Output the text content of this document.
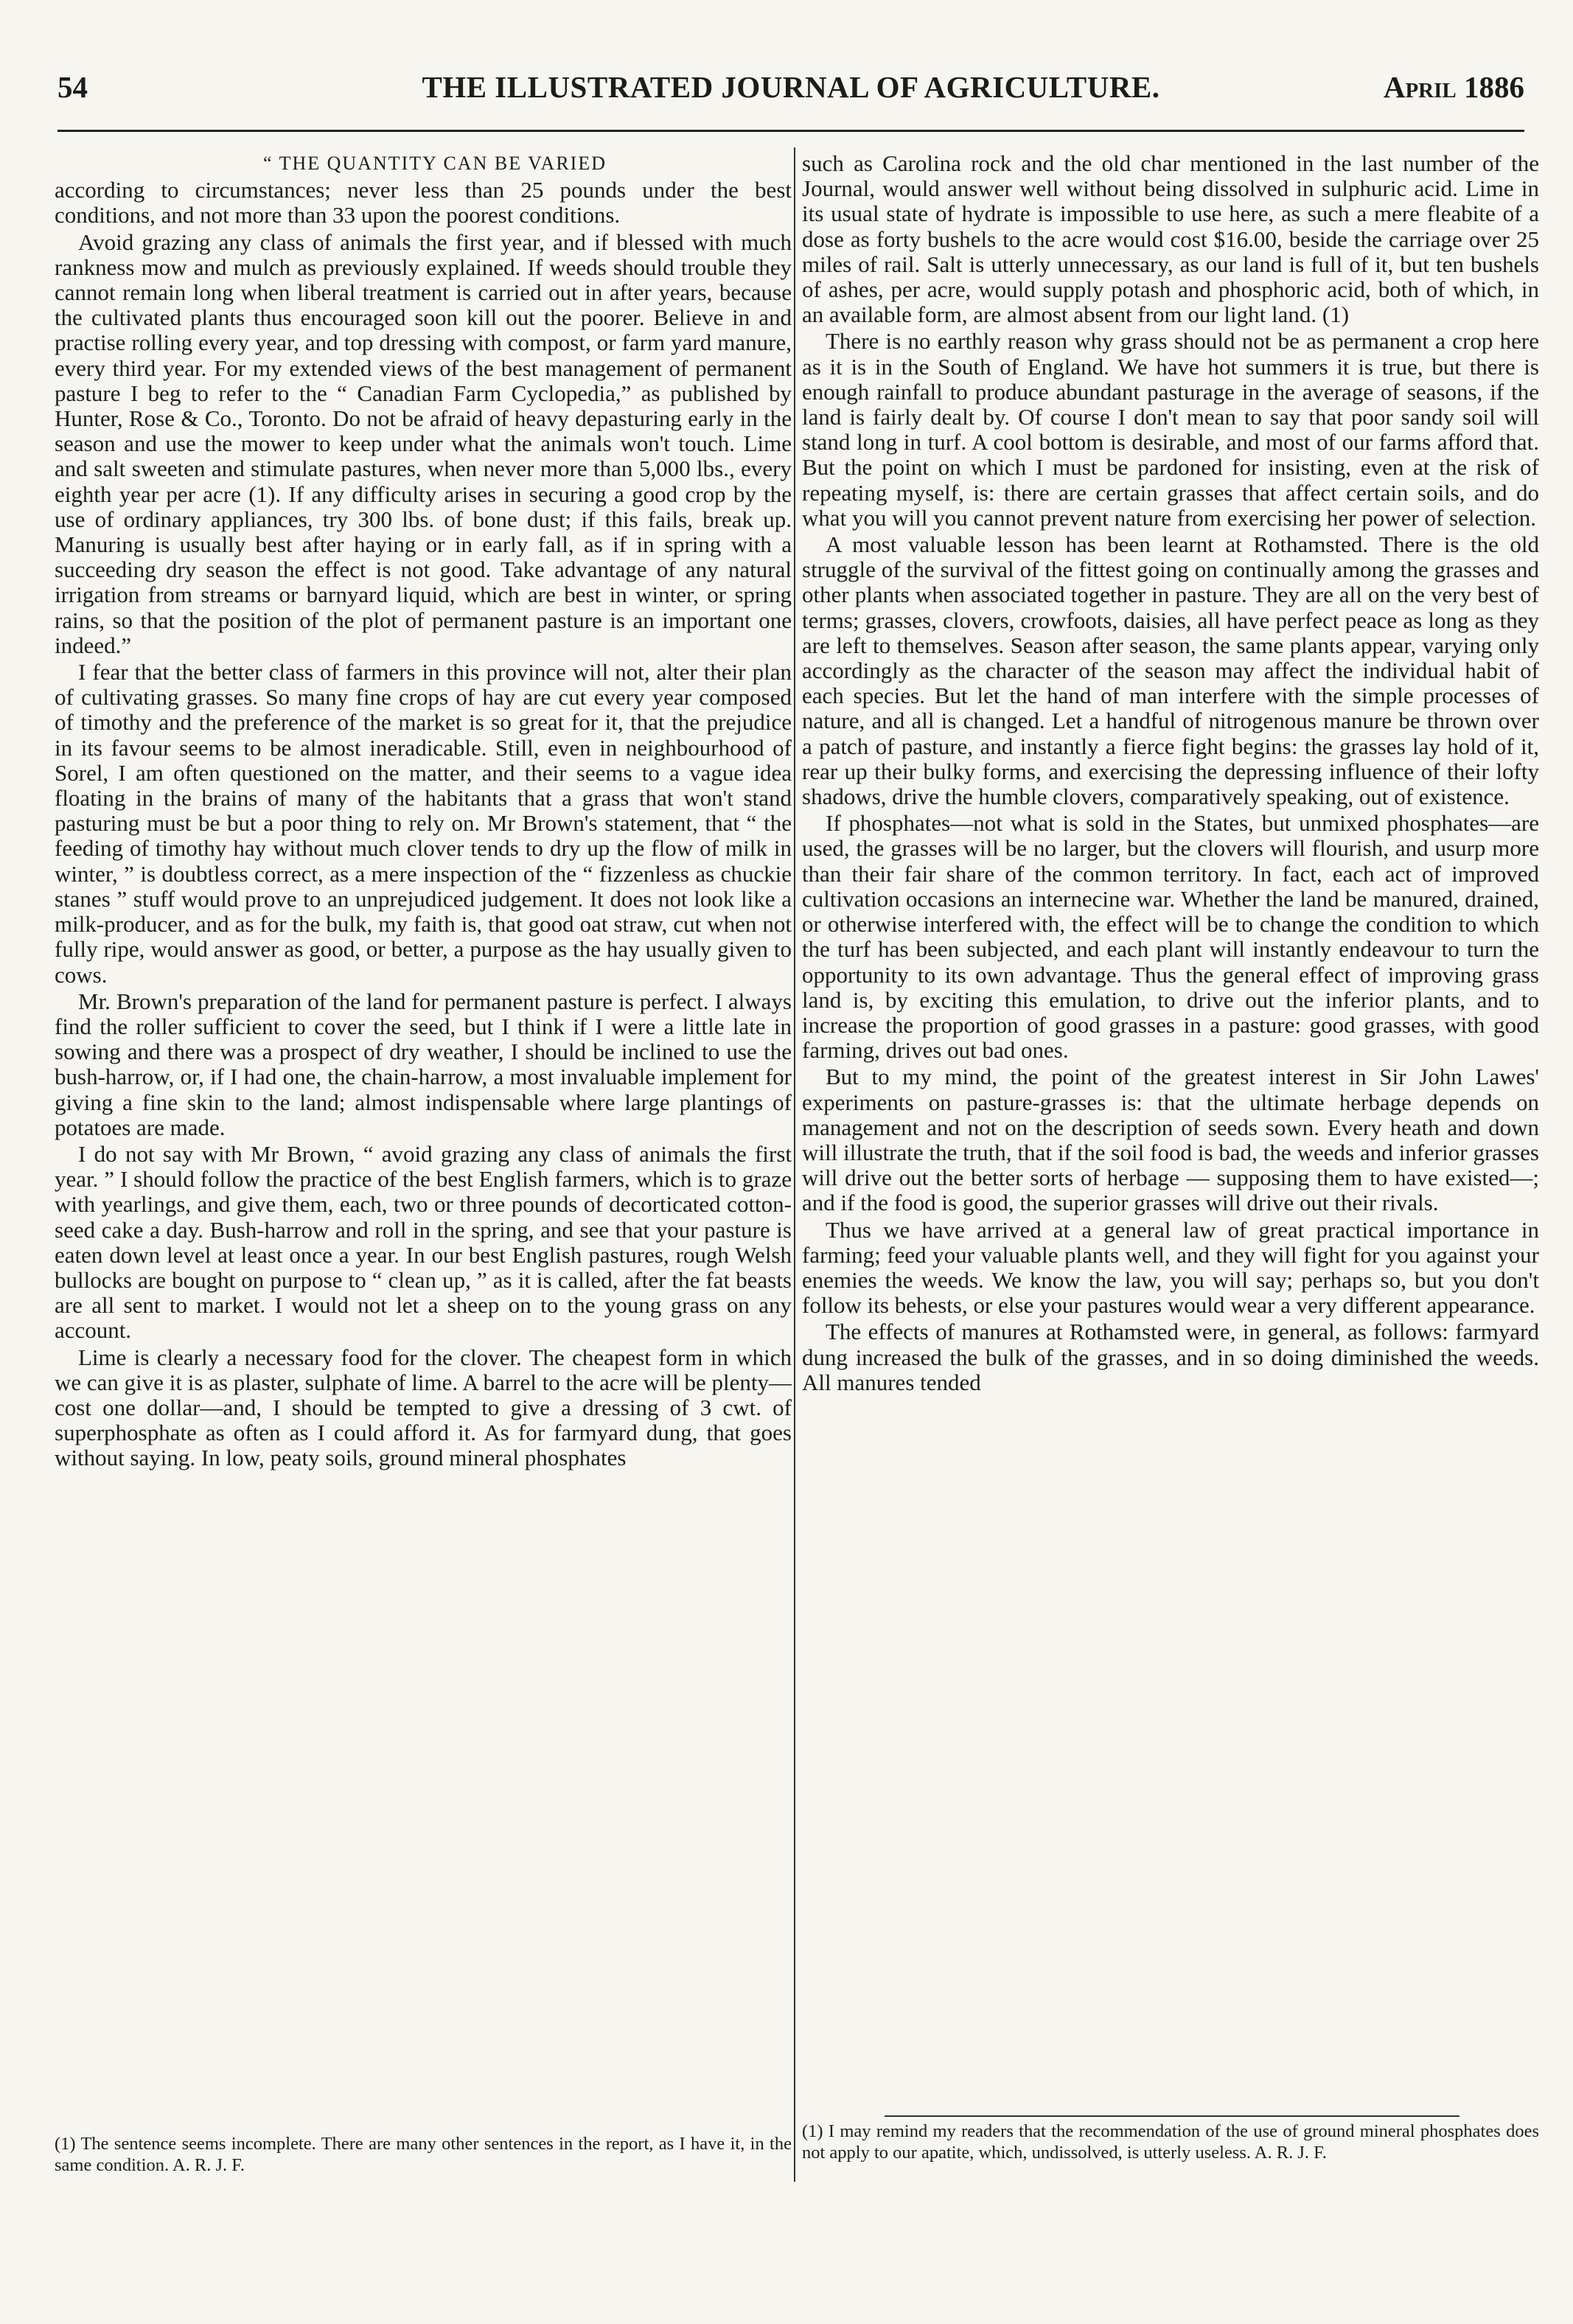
THE ILLUSTRATED JOURNAL OF AGRICULTURE.
54	April 1886

“ THE QUANTITY CAN BE VARIED

according to circumstances; never less than 25 pounds under the best conditions, and not more than 33 upon the poorest conditions.

Avoid grazing any class of animals the first year, and if blessed with much rankness mow and mulch as previously explained. If weeds should trouble they cannot remain long when liberal treatment is carried out in after years, because the cultivated plants thus encouraged soon kill out the poorer. Believe in and practise rolling every year, and top dressing with compost, or farm yard manure, every third year. For my extended views of the best management of permanent pasture I beg to refer to the “ Canadian Farm Cyclopedia,” as published by Hunter, Rose & Co., Toronto. Do not be afraid of heavy depasturing early in the season and use the mower to keep under what the animals won't touch. Lime and salt sweeten and stimulate pastures, when never more than 5,000 lbs., every eighth year per acre (1). If any difficulty arises in securing a good crop by the use of ordinary appliances, try 300 lbs. of bone dust; if this fails, break up. Manuring is usually best after haying or in early fall, as if in spring with a succeeding dry season the effect is not good. Take advantage of any natural irrigation from streams or barnyard liquid, which are best in winter, or spring rains, so that the position of the plot of permanent pasture is an important one indeed.”

I fear that the better class of farmers in this province will not, alter their plan of cultivating grasses. So many fine crops of hay are cut every year composed of timothy and the preference of the market is so great for it, that the prejudice in its favour seems to be almost ineradicable. Still, even in neighbourhood of Sorel, I am often questioned on the matter, and their seems to a vague idea floating in the brains of many of the habitants that a grass that won't stand pasturing must be but a poor thing to rely on. Mr Brown's statement, that “ the feeding of timothy hay without much clover tends to dry up the flow of milk in winter, ” is doubtless correct, as a mere inspection of the “ fizzenless as chuckie stanes ” stuff would prove to an unprejudiced judgement. It does not look like a milk-producer, and as for the bulk, my faith is, that good oat straw, cut when not fully ripe, would answer as good, or better, a purpose as the hay usually given to cows.

Mr. Brown's preparation of the land for permanent pasture is perfect. I always find the roller sufficient to cover the seed, but I think if I were a little late in sowing and there was a prospect of dry weather, I should be inclined to use the bush-harrow, or, if I had one, the chain-harrow, a most invaluable implement for giving a fine skin to the land; almost indispensable where large plantings of potatoes are made.

I do not say with Mr Brown, “ avoid grazing any class of animals the first year. ” I should follow the practice of the best English farmers, which is to graze with yearlings, and give them, each, two or three pounds of decorticated cotton-seed cake a day. Bush-harrow and roll in the spring, and see that your pasture is eaten down level at least once a year. In our best English pastures, rough Welsh bullocks are bought on purpose to “ clean up, ” as it is called, after the fat beasts are all sent to market. I would not let a sheep on to the young grass on any account.

Lime is clearly a necessary food for the clover. The cheapest form in which we can give it is as plaster, sulphate of lime. A barrel to the acre will be plenty—cost one dollar—and, I should be tempted to give a dressing of 3 cwt. of superphosphate as often as I could afford it. As for farmyard dung, that goes without saying. In low, peaty soils, ground mineral phosphates

such as Carolina rock and the old char mentioned in the last number of the Journal, would answer well without being dissolved in sulphuric acid. Lime in its usual state of hydrate is impossible to use here, as such a mere fleabite of a dose as forty bushels to the acre would cost $16.00, beside the carriage over 25 miles of rail. Salt is utterly unnecessary, as our land is full of it, but ten bushels of ashes, per acre, would supply potash and phosphoric acid, both of which, in an available form, are almost absent from our light land. (1)

There is no earthly reason why grass should not be as permanent a crop here as it is in the South of England. We have hot summers it is true, but there is enough rainfall to produce abundant pasturage in the average of seasons, if the land is fairly dealt by. Of course I don't mean to say that poor sandy soil will stand long in turf. A cool bottom is desirable, and most of our farms afford that. But the point on which I must be pardoned for insisting, even at the risk of repeating myself, is: there are certain grasses that affect certain soils, and do what you will you cannot prevent nature from exercising her power of selection.

A most valuable lesson has been learnt at Rothamsted. There is the old struggle of the survival of the fittest going on continually among the grasses and other plants when associated together in pasture. They are all on the very best of terms; grasses, clovers, crowfoots, daisies, all have perfect peace as long as they are left to themselves. Season after season, the same plants appear, varying only accordingly as the character of the season may affect the individual habit of each species. But let the hand of man interfere with the simple processes of nature, and all is changed. Let a handful of nitrogenous manure be thrown over a patch of pasture, and instantly a fierce fight begins: the grasses lay hold of it, rear up their bulky forms, and exercising the depressing influence of their lofty shadows, drive the humble clovers, comparatively speaking, out of existence.

If phosphates—not what is sold in the States, but unmixed phosphates—are used, the grasses will be no larger, but the clovers will flourish, and usurp more than their fair share of the common territory. In fact, each act of improved cultivation occasions an internecine war. Whether the land be manured, drained, or otherwise interfered with, the effect will be to change the condition to which the turf has been subjected, and each plant will instantly endeavour to turn the opportunity to its own advantage. Thus the general effect of improving grass land is, by exciting this emulation, to drive out the inferior plants, and to increase the proportion of good grasses in a pasture: good grasses, with good farming, drives out bad ones.

But to my mind, the point of the greatest interest in Sir John Lawes' experiments on pasture-grasses is: that the ultimate herbage depends on management and not on the description of seeds sown. Every heath and down will illustrate the truth, that if the soil food is bad, the weeds and inferior grasses will drive out the better sorts of herbage — supposing them to have existed—; and if the food is good, the superior grasses will drive out their rivals.

Thus we have arrived at a general law of great practical importance in farming; feed your valuable plants well, and they will fight for you against your enemies the weeds. We know the law, you will say; perhaps so, but you don't follow its behests, or else your pastures would wear a very different appearance.

The effects of manures at Rothamsted were, in general, as follows: farmyard dung increased the bulk of the grasses, and in so doing diminished the weeds. All manures tended

(1) The sentence seems incomplete. There are many other sentences in the report, as I have it, in the same condition. A. R. J. F.
(1) I may remind my readers that the recommendation of the use of ground mineral phosphates does not apply to our apatite, which, undissolved, is utterly useless. A. R. J. F.
